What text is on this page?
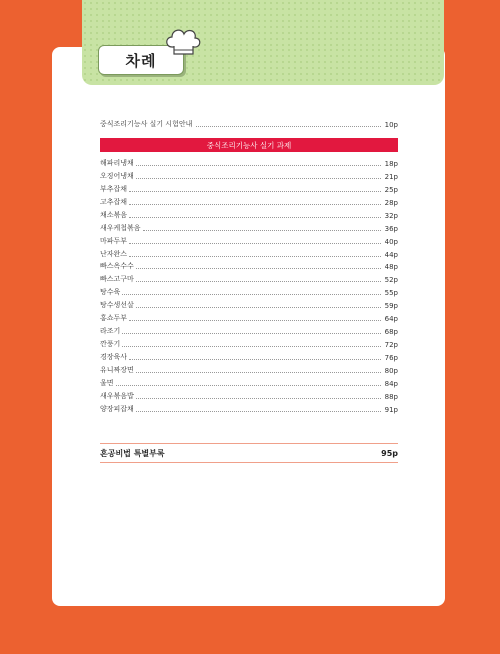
차례
중식조리기능사 실기 시험안내	10p
중식조리기능사 실기 과제
해파리냉채	18p
오징어냉채	21p
부추잡채	25p
고추잡채	28p
채소볶음	32p
새우케첩볶음	36p
마파두부	40p
난자완스	44p
빠스옥수수	48p
빠스고구마	52p
탕수육	55p
탕수생선살	59p
홍쇼두부	64p
라조기	68p
깐풍기	72p
경장육사	76p
유니짜장면	80p
울면	84p
새우볶음밥	88p
양장피잡채	91p
혼공비법 특별부록	95p
